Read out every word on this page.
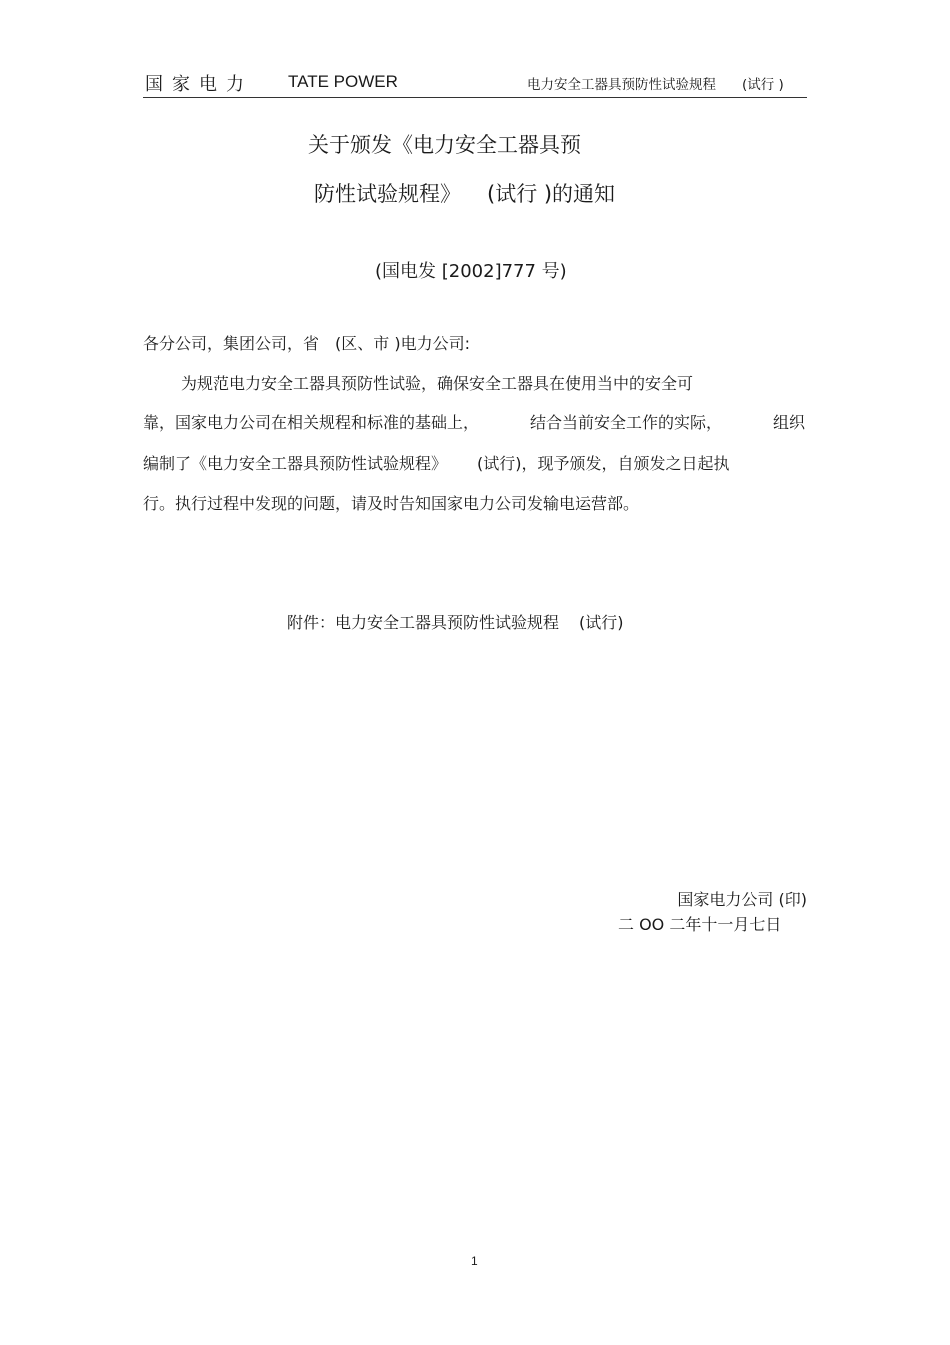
国家电力 TATE POWER	电力安全工器具预防性试验规程 (试行 )
关于颁发《电力安全工器具预
防性试验规程》 (试行 )的通知
(国电发 [2002]777 号)
各分公司，集团公司，省　(区、市 )电力公司:
为规范电力安全工器具预防性试验，确保安全工器具在使用当中的安全可
靠，国家电力公司在相关规程和标准的基础上，	结合当前安全工作的实际，	组织
编制了《电力安全工器具预防性试验规程》 (试行)，现予颁发，自颁发之日起执
行。执行过程中发现的问题，请及时告知国家电力公司发输电运营部。
附件：电力安全工器具预防性试验规程 (试行)
国家电力公司 (印)
二 OO 二年十一月七日
1
